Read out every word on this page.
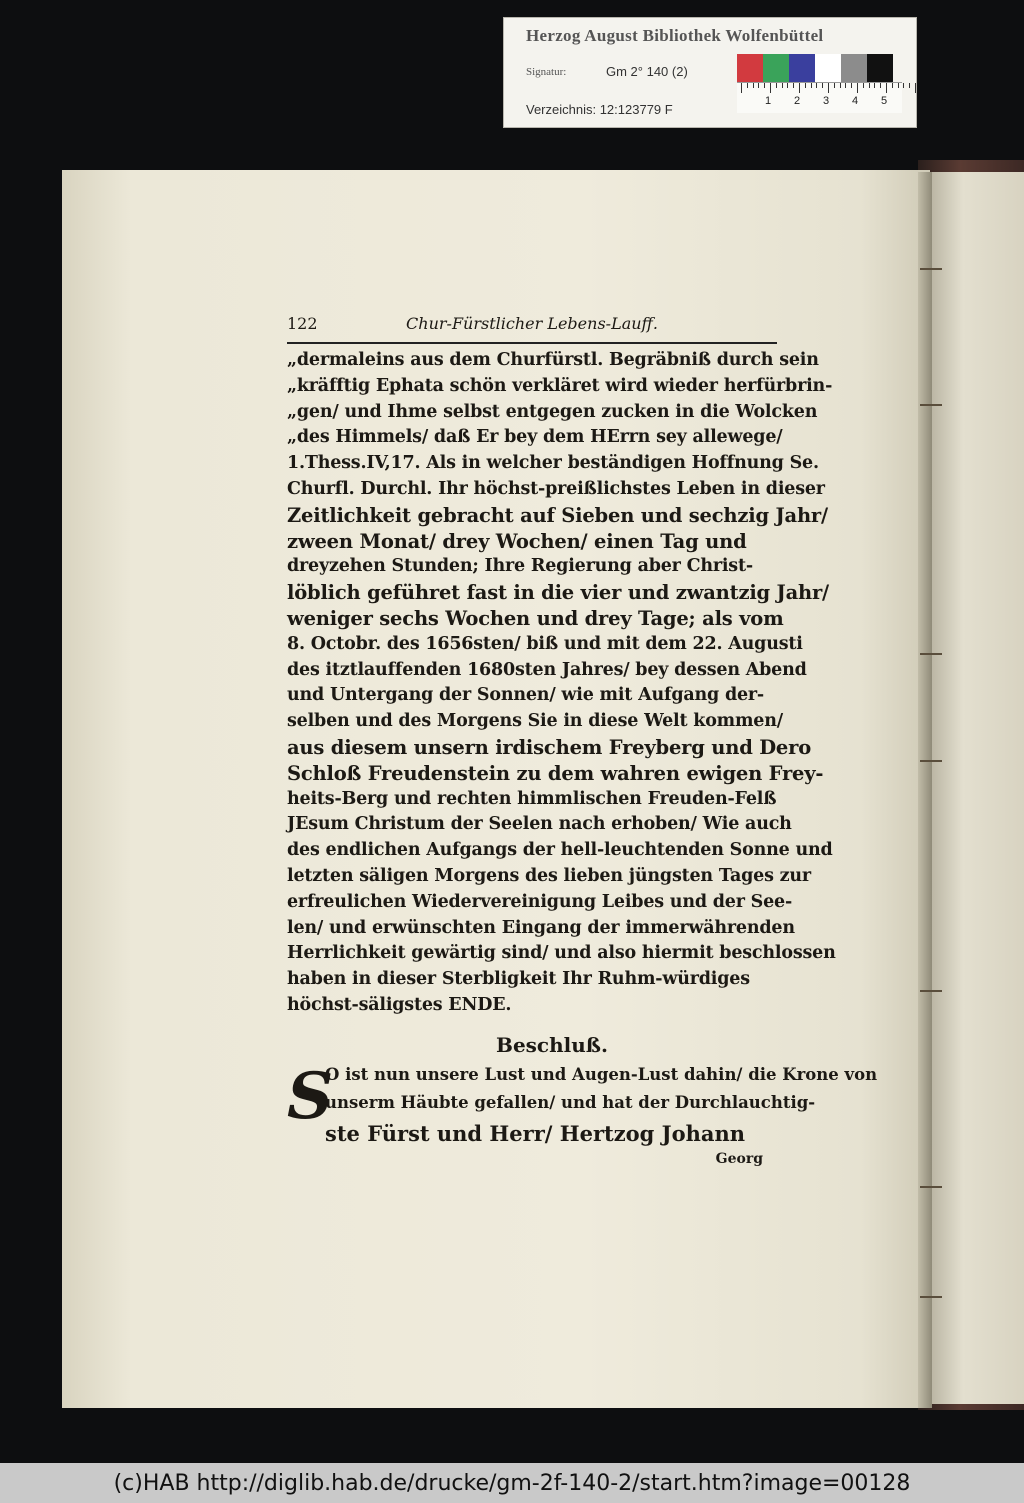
122	Chur-Fürstlicher Lebens-Lauff.
„dermaleins aus dem Churfürstl. Begräbniß durch sein
„kräfftig Ephata schön verkläret wird wieder herfürbrin-
„gen/ und Ihme selbst entgegen zucken in die Wolcken
„des Himmels/ daß Er bey dem HErrn sey allewege/
1.Thess.IV,17. Als in welcher beständigen Hoffnung Se.
Churfl. Durchl. Ihr höchst-preißlichstes Leben in dieser
Zeitlichkeit gebracht auf Sieben und sechzig Jahr/
zween Monat/ drey Wochen/ einen Tag und
dreyzehen Stunden; Ihre Regierung aber Christ-
löblich geführet fast in die vier und zwantzig Jahr/
weniger sechs Wochen und drey Tage; als vom
8. Octobr. des 1656sten/ biß und mit dem 22. Augusti
des itztlauffenden 1680sten Jahres/ bey dessen Abend
und Untergang der Sonnen/ wie mit Aufgang der-
selben und des Morgens Sie in diese Welt kommen/
aus diesem unsern irdischem Freyberg und Dero
Schloß Freudenstein zu dem wahren ewigen Frey-
heits-Berg und rechten himmlischen Freuden-Felß
JEsum Christum der Seelen nach erhoben/ Wie auch
des endlichen Aufgangs der hell-leuchtenden Sonne und
letzten säligen Morgens des lieben jüngsten Tages zur
erfreulichen Wiedervereinigung Leibes und der See-
len/ und erwünschten Eingang der immerwährenden
Herrlichkeit gewärtig sind/ und also hiermit beschlossen
haben in dieser Sterbligkeit Ihr Ruhm-würdiges
höchst-säligstes ENDE.
Beschluß.
S
O ist nun unsere Lust und Augen-Lust dahin/ die Krone von
unserm Häubte gefallen/ und hat der Durchlauchtig-
ste Fürst und Herr/ Hertzog Johann
Georg
Herzog August Bibliothek Wolfenbüttel
Signatur:	Gm 2° 140 (2)
Verzeichnis: 12:123779 F
1 2 3 4 5
(c)HAB http://diglib.hab.de/drucke/gm-2f-140-2/start.htm?image=00128
